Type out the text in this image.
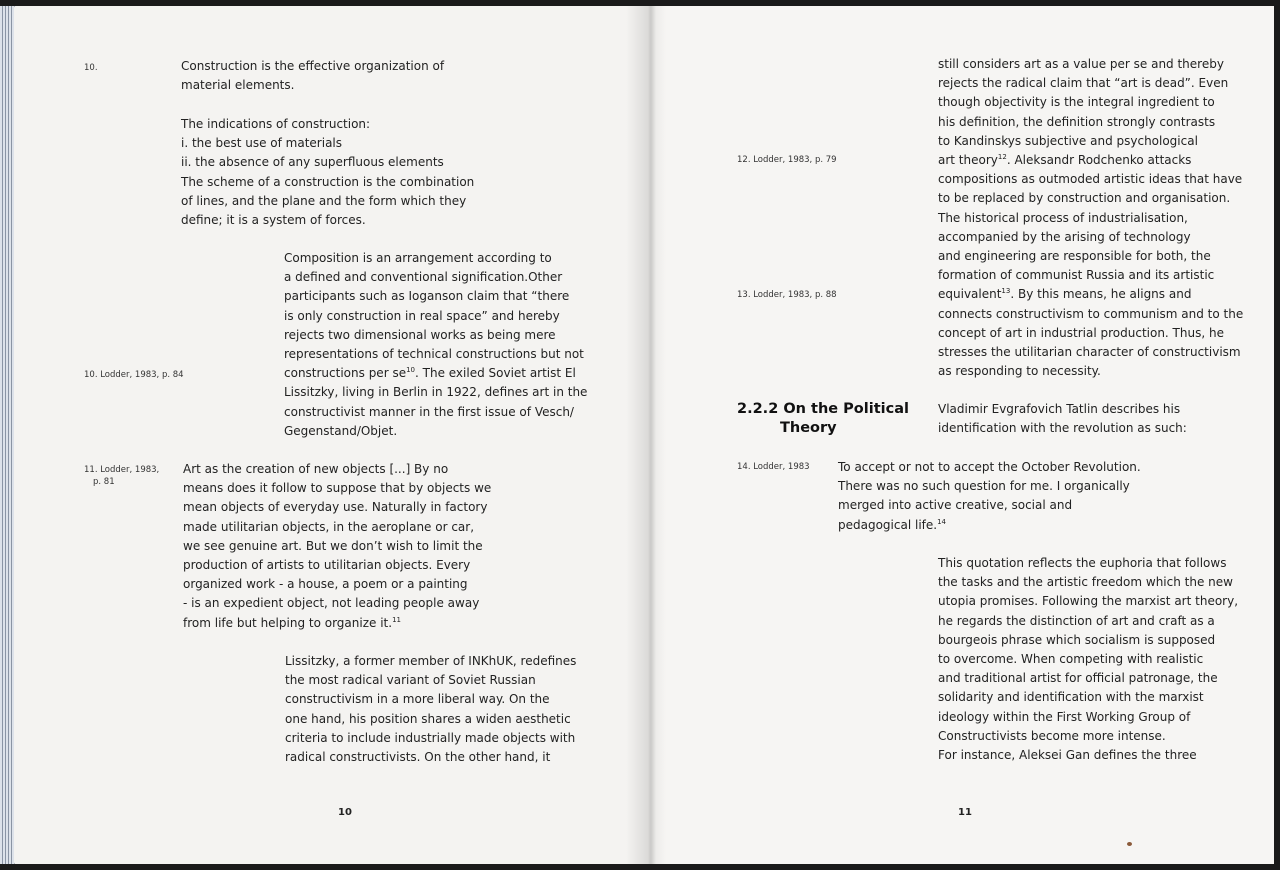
10.	Construction is the effective organization of
material elements.
The indications of construction:
i. the best use of materials
ii. the absence of any superfluous elements
The scheme of a construction is the combination
of lines, and the plane and the form which they
define; it is a system of forces.
Composition is an arrangement according to
a defined and conventional signification.Other
participants such as Ioganson claim that “there
is only construction in real space” and hereby
rejects two dimensional works as being mere
representations of technical constructions but not
constructions per $se^{10}$. The exiled Soviet artist El
Lissitzky, living in Berlin in 1922, defines art in the
constructivist manner in the first issue of Vesch/
Gegenstand/Objet.
10. Lodder, 1983, p. 84
11. Lodder, 1983,
p. 81
Art as the creation of new objects [...] By no
means does it follow to suppose that by objects we
mean objects of everyday use. Naturally in factory
made utilitarian objects, in the aeroplane or car,
we see genuine art. But we don’t wish to limit the
production of artists to utilitarian objects. Every
organized work - a house, a poem or a painting
- is an expedient object, not leading people away
from life but helping to organize it.$^{11}$
Lissitzky, a former member of INKhUK, redefines
the most radical variant of Soviet Russian
constructivism in a more liberal way. On the
one hand, his position shares a widen aesthetic
criteria to include industrially made objects with
radical constructivists. On the other hand, it
10
still considers art as a value per se and thereby
rejects the radical claim that “art is dead”. Even
though objectivity is the integral ingredient to
his definition, the definition strongly contrasts
to Kandinskys subjective and psychological
art theory$^{12}$. Aleksandr Rodchenko attacks
compositions as outmoded artistic ideas that have
to be replaced by construction and organisation.
The historical process of industrialisation,
accompanied by the arising of technology
and engineering are responsible for both, the
formation of communist Russia and its artistic
equivalent$^{13}$. By this means, he aligns and
connects constructivism to communism and to the
concept of art in industrial production. Thus, he
stresses the utilitarian character of constructivism
as responding to necessity.
12. Lodder, 1983, p. 79
13. Lodder, 1983, p. 88
2.2.2 On the Political
Theory
Vladimir Evgrafovich Tatlin describes his
identification with the revolution as such:
14. Lodder, 1983 To accept or not to accept the October Revolution.
There was no such question for me. I organically
merged into active creative, social and
pedagogical life.$^{14}$
This quotation reflects the euphoria that follows
the tasks and the artistic freedom which the new
utopia promises. Following the marxist art theory,
he regards the distinction of art and craft as a
bourgeois phrase which socialism is supposed
to overcome. When competing with realistic
and traditional artist for official patronage, the
solidarity and identification with the marxist
ideology within the First Working Group of
Constructivists become more intense.
For instance, Aleksei Gan defines the three
11
